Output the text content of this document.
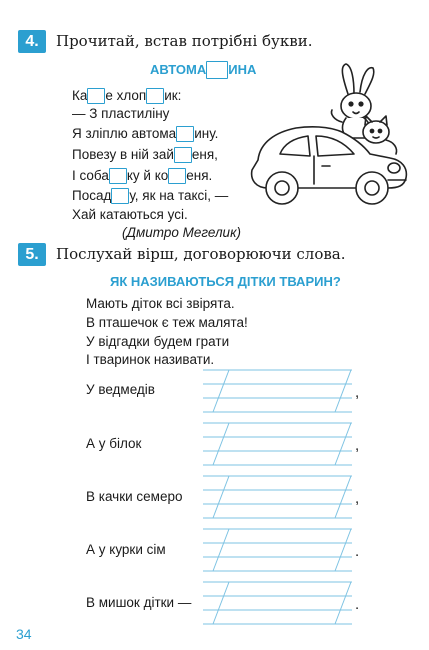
4.	Прочитай, встав потрібні букви.
АВТОМА ИНА
Ка е хлоп ик:
— З пластиліну
Я зліплю автома ину.
Повезу в ній зай еня,
І соба ку й ко еня.
Посад у, як на таксі, —
Хай катаються усі.
(Дмитро Мегелик)
5.	Послухай вірш, договорюючи слова.
ЯК НАЗИВАЮТЬСЯ ДІТКИ ТВАРИН?
Мають діток всі звірята.
В пташечок є теж малята!
У відгадки будем грати
І тваринок називати.
У ведмедів
А у білок
В качки семеро
А у курки сім
В мишок дітки —
,
,
,
.
.
34
